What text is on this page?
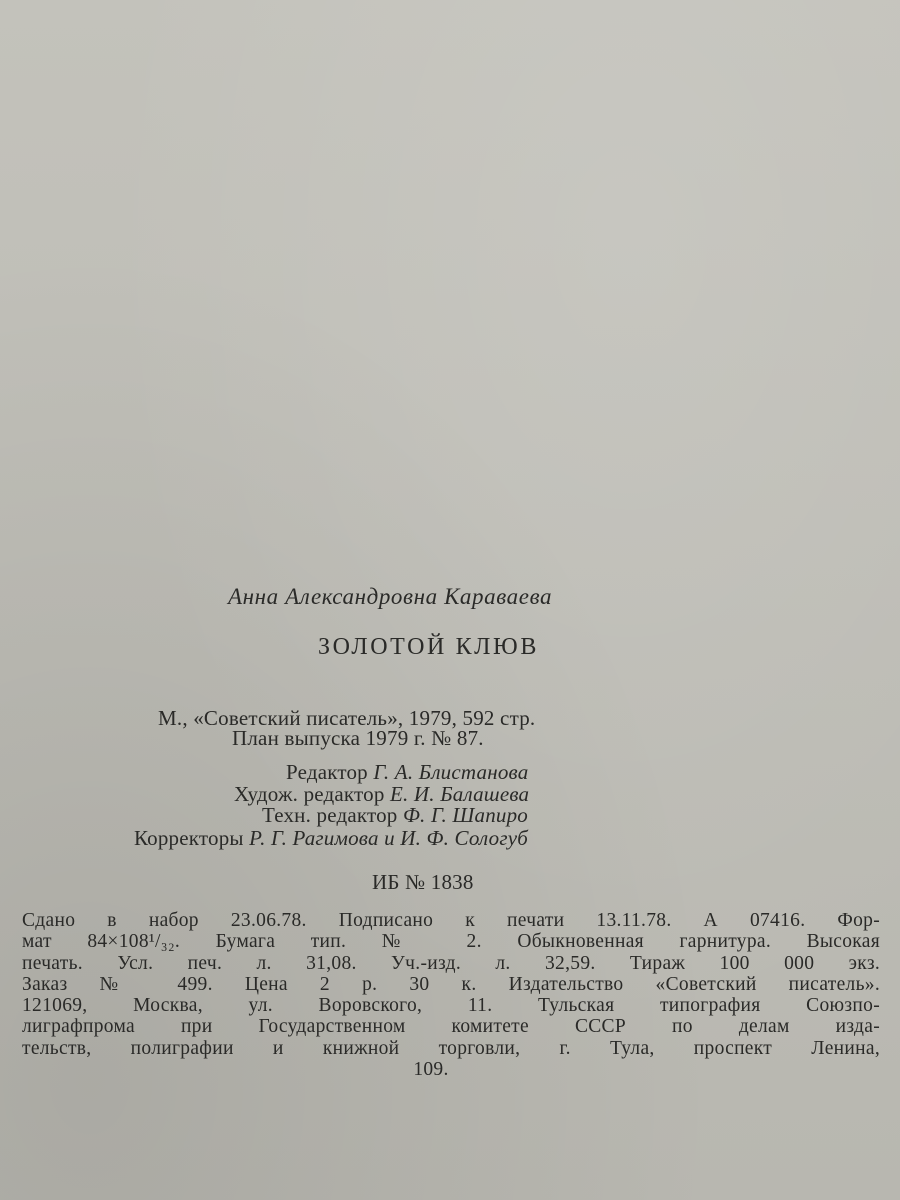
Анна Александровна Караваева
ЗОЛОТОЙ КЛЮВ
М., «Советский писатель», 1979, 592 стр.
План выпуска 1979 г. № 87.
Редактор Г. А. Блистанова
Худож. редактор Е. И. Балашева
Техн. редактор Ф. Г. Шапиро
Корректоры Р. Г. Рагимова и И. Ф. Сологуб
ИБ № 1838
Сдано в набор 23.06.78. Подписано к печати 13.11.78. А 07416. Фор-
мат 84×108¹/₃₂. Бумага тип. № 2. Обыкновенная гарнитура. Высокая
печать. Усл. печ. л. 31,08. Уч.-изд. л. 32,59. Тираж 100 000 экз.
Заказ № 499. Цена 2 р. 30 к. Издательство «Советский писатель».
121069, Москва, ул. Воровского, 11. Тульская типография Союзпо-
лиграфпрома при Государственном комитете СССР по делам изда-
тельств, полиграфии и книжной торговли, г. Тула, проспект Ленина,
109.
